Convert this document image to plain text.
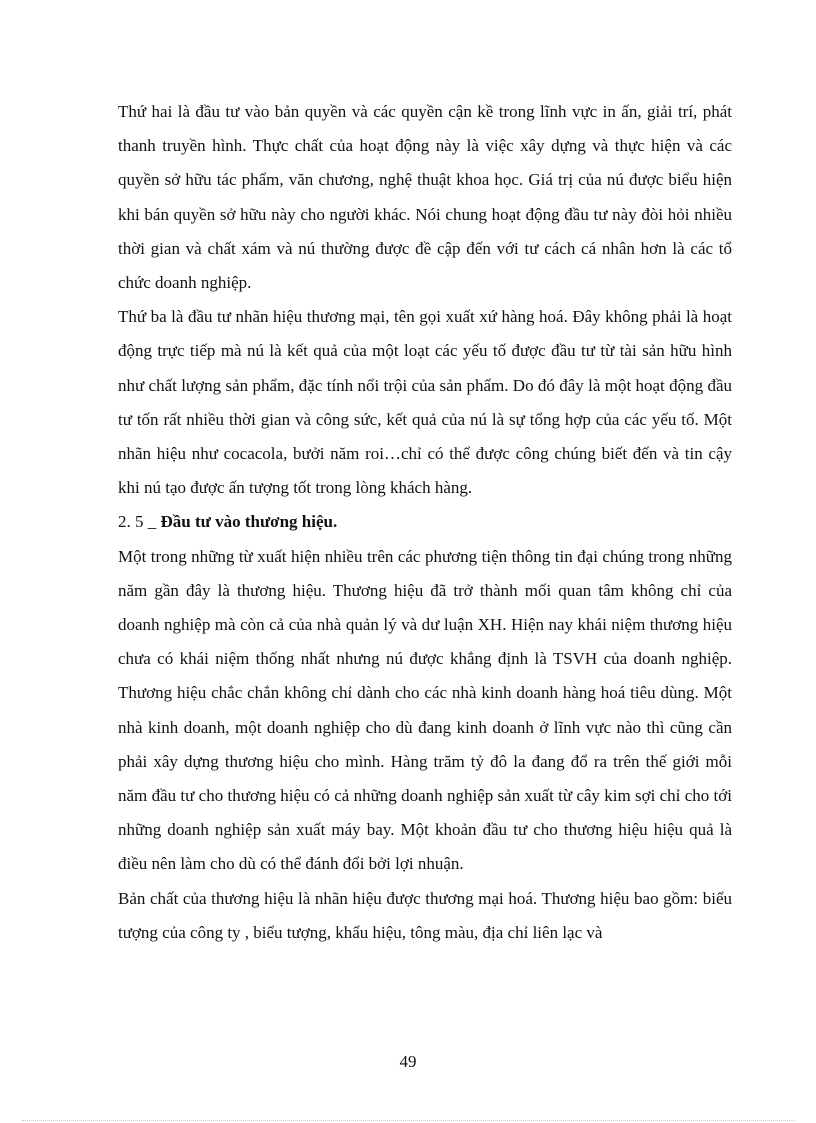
Thứ hai là đầu tư vào bản quyền và các quyền cận kề trong lĩnh vực in ấn, giải trí, phát thanh truyền hình. Thực chất của hoạt động này là việc xây dựng và thực hiện và các quyền sở hữu tác phẩm, văn chương, nghệ thuật khoa học. Giá trị của nú được biểu hiện khi bán quyền sở hữu này cho người khác. Nói chung hoạt động đầu tư này đòi hỏi nhiều thời gian và chất xám và nú thường được đề cập đến với tư cách cá nhân hơn là các tổ chức doanh nghiệp.

Thứ ba là đầu tư nhãn hiệu thương mại, tên gọi xuất xứ hàng hoá. Đây không phải là hoạt động trực tiếp mà nú là kết quả của một loạt các yếu tố được đầu tư từ tài sản hữu hình như chất lượng sản phẩm, đặc tính nổi trội của sản phẩm. Do đó đây là một hoạt động đầu tư tốn rất nhiều thời gian và công sức, kết quả của nú là sự tổng hợp của các yếu tố. Một nhãn hiệu như cocacola, bưởi năm roi…chỉ có thể được công chúng biết đến và tin cậy khi nú tạo được ấn tượng tốt trong lòng khách hàng.

2. 5 _ Đầu tư vào thương hiệu.

Một trong những từ xuất hiện nhiều trên các phương tiện thông tin đại chúng trong những năm gần đây là thương hiệu. Thương hiệu đã trở thành mối quan tâm không chỉ của doanh nghiệp mà còn cả của nhà quản lý và dư luận XH. Hiện nay khái niệm thương hiệu chưa có khái niệm thống nhất nhưng nú được khẳng định là TSVH của doanh nghiệp. Thương hiệu chắc chắn không chỉ dành cho các nhà kinh doanh hàng hoá tiêu dùng. Một nhà kinh doanh, một doanh nghiệp cho dù đang kinh doanh ở lĩnh vực nào thì cũng cần phải xây dựng thương hiệu cho mình. Hàng trăm tỷ đô la đang đổ ra trên thế giới mỗi năm đầu tư cho thương hiệu có cả những doanh nghiệp sản xuất từ cây kim sợi chỉ cho tới những doanh nghiệp sản xuất máy bay. Một khoản đầu tư cho thương hiệu hiệu quả là điều nên làm cho dù có thể đánh đổi bởi lợi nhuận.

Bản chất của thương hiệu là nhãn hiệu được thương mại hoá. Thương hiệu bao gồm: biểu tượng của công ty , biểu tượng, khẩu hiệu, tông màu, địa chỉ liên lạc và

49
